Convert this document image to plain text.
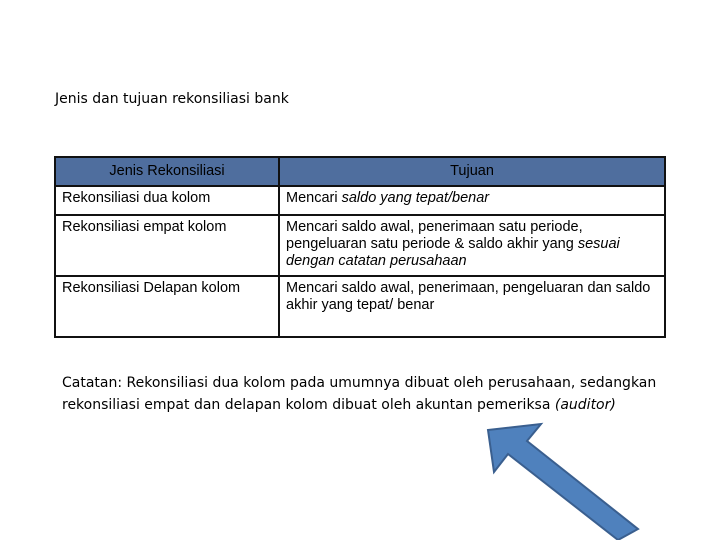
Jenis dan tujuan rekonsiliasi bank
Jenis Rekonsiliasi	Tujuan
Rekonsiliasi dua kolom	Mencari saldo yang tepat/benar
Rekonsiliasi empat kolom	Mencari saldo awal, penerimaan satu periode, pengeluaran satu periode & saldo akhir yang sesuai dengan catatan perusahaan
Rekonsiliasi Delapan kolom	Mencari saldo awal, penerimaan, pengeluaran dan saldo akhir yang tepat/ benar
Catatan: Rekonsiliasi dua kolom pada umumnya dibuat oleh perusahaan, sedangkan rekonsiliasi empat dan delapan kolom dibuat oleh akuntan pemeriksa (auditor)
